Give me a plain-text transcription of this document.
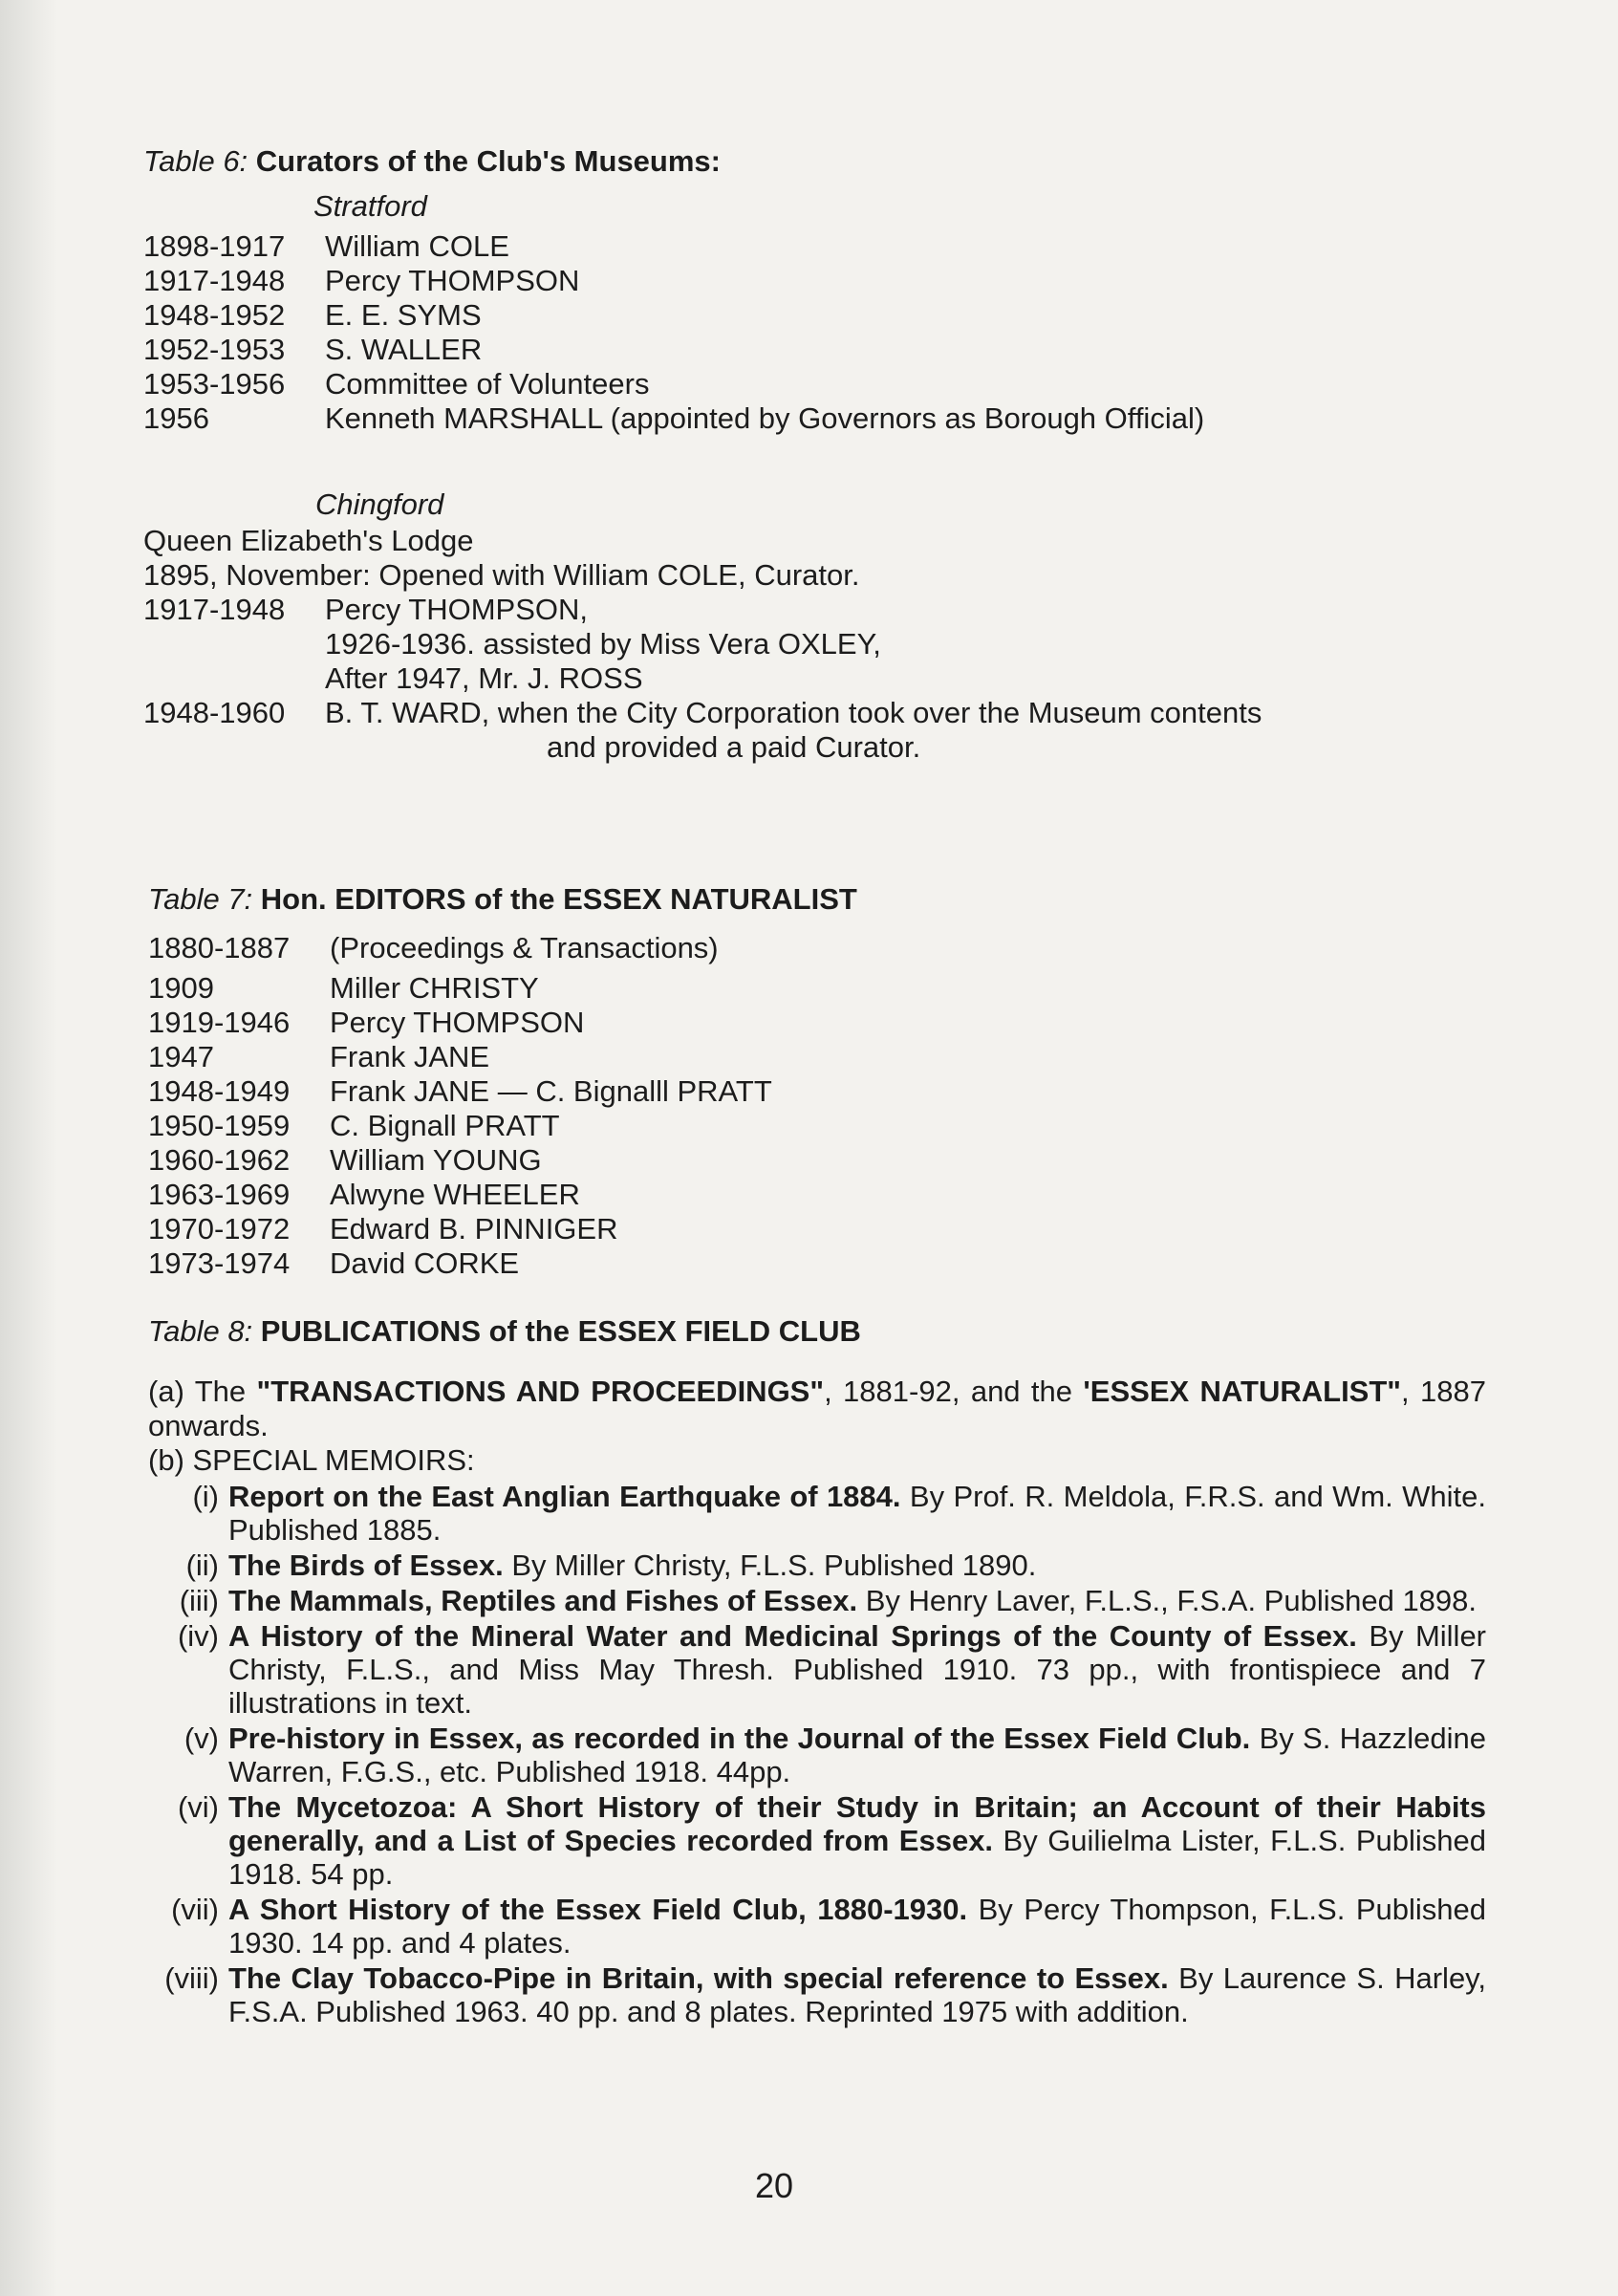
Table 6: Curators of the Club's Museums:

Stratford

1898-1917	William COLE
1917-1948	Percy THOMPSON
1948-1952	E. E. SYMS
1952-1953	S. WALLER
1953-1956	Committee of Volunteers
1956	Kenneth MARSHALL (appointed by Governors as Borough Official)

Chingford

Queen Elizabeth's Lodge
1895, November: Opened with William COLE, Curator.
1917-1948	Percy THOMPSON,
1926-1936. assisted by Miss Vera OXLEY,
After 1947, Mr. J. ROSS
1948-1960	B. T. WARD, when the City Corporation took over the Museum contents
and provided a paid Curator.

Table 7: Hon. EDITORS of the ESSEX NATURALIST

1880-1887	(Proceedings & Transactions)
1909	Miller CHRISTY
1919-1946	Percy THOMPSON
1947	Frank JANE
1948-1949	Frank JANE — C. Bignalll PRATT
1950-1959	C. Bignall PRATT
1960-1962	William YOUNG
1963-1969	Alwyne WHEELER
1970-1972	Edward B. PINNIGER
1973-1974	David CORKE

Table 8: PUBLICATIONS of the ESSEX FIELD CLUB

(a) The "TRANSACTIONS AND PROCEEDINGS", 1881-92, and the 'ESSEX NATURALIST", 1887 onwards.
(b) SPECIAL MEMOIRS:
(i) Report on the East Anglian Earthquake of 1884. By Prof. R. Meldola, F.R.S. and Wm. White. Published 1885.
(ii) The Birds of Essex. By Miller Christy, F.L.S. Published 1890.
(iii) The Mammals, Reptiles and Fishes of Essex. By Henry Laver, F.L.S., F.S.A. Published 1898.
(iv) A History of the Mineral Water and Medicinal Springs of the County of Essex. By Miller Christy, F.L.S., and Miss May Thresh. Published 1910. 73 pp., with frontispiece and 7 illustrations in text.
(v) Pre-history in Essex, as recorded in the Journal of the Essex Field Club. By S. Hazzledine Warren, F.G.S., etc. Published 1918. 44pp.
(vi) The Mycetozoa: A Short History of their Study in Britain; an Account of their Habits generally, and a List of Species recorded from Essex. By Guilielma Lister, F.L.S. Published 1918. 54 pp.
(vii) A Short History of the Essex Field Club, 1880-1930. By Percy Thompson, F.L.S. Published 1930. 14 pp. and 4 plates.
(viii) The Clay Tobacco-Pipe in Britain, with special reference to Essex. By Laurence S. Harley, F.S.A. Published 1963. 40 pp. and 8 plates. Reprinted 1975 with addition.
20
